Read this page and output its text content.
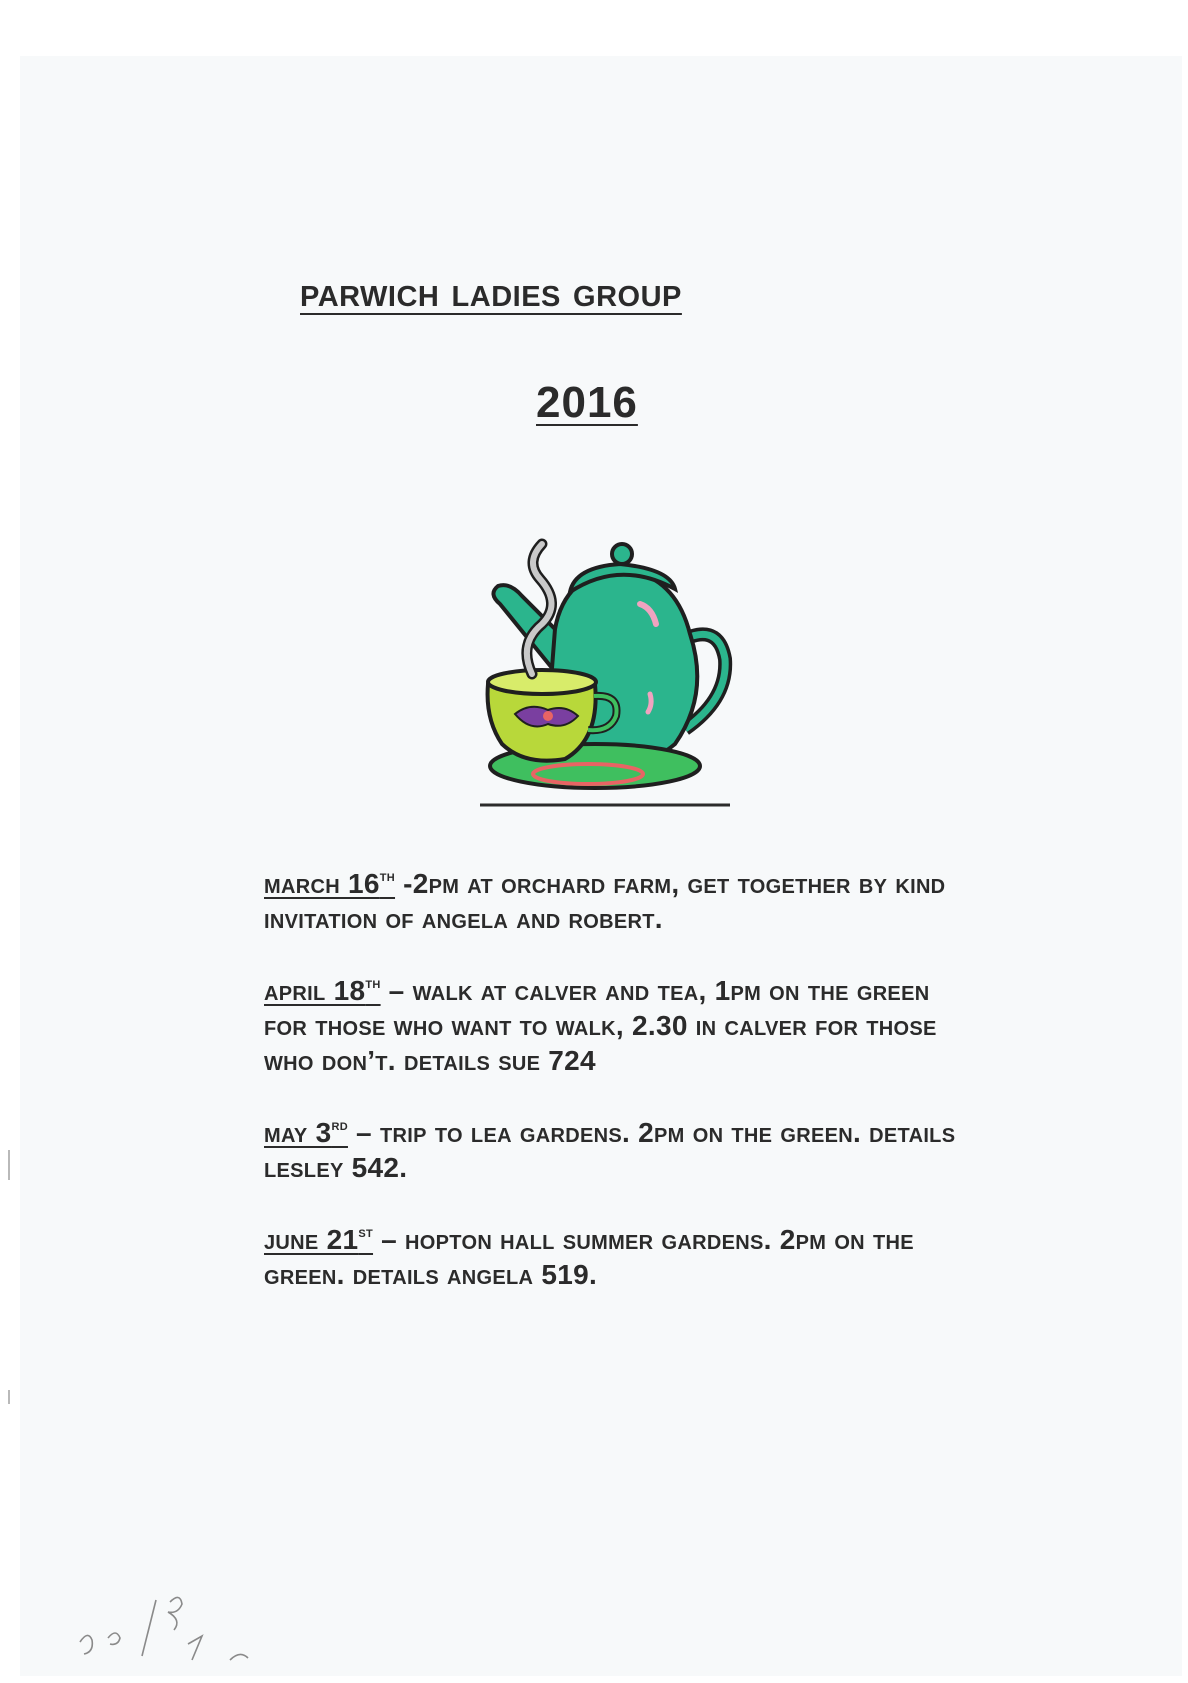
parwich ladies group
2016
march 16th -2pm at orchard farm, get together by kind invitation of angela and robert.
april 18th – walk at calver and tea, 1pm on the green for those who want to walk, 2.30 in calver for those who don’t. details sue 724
may 3rd – trip to lea gardens. 2pm on the green. details lesley 542.
june 21st – hopton hall summer gardens. 2pm on the green. details angela 519.
